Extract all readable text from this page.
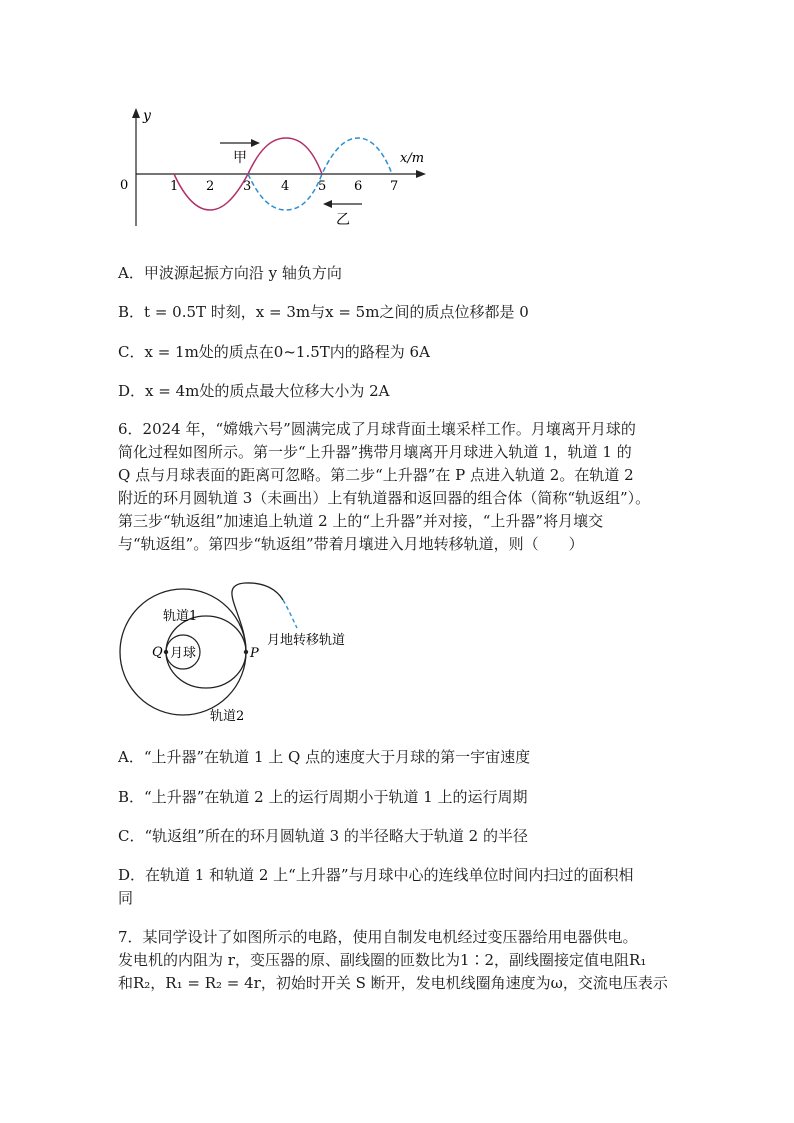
y
x/m
0	1 2 3 4 5 6 7
甲
乙
A．甲波源起振方向沿 y 轴负方向
B．t = 0.5T 时刻，x = 3m与x = 5m之间的质点位移都是 0
C．x = 1m处的质点在0~1.5T内的路程为 6A
D．x = 4m处的质点最大位移大小为 2A

6．2024 年，“嫦娥六号”圆满完成了月球背面土壤采样工作。月壤离开月球的

简化过程如图所示。第一步“上升器”携带月壤离开月球进入轨道 1，轨道 1 的

Q 点与月球表面的距离可忽略。第二步“上升器”在 P 点进入轨道 2。在轨道 2

附近的环月圆轨道 3（未画出）上有轨道器和返回器的组合体（简称“轨返组”）。

第三步“轨返组”加速追上轨道 2 上的“上升器”并对接，“上升器”将月壤交

与“轨返组”。第四步“轨返组”带着月壤进入月地转移轨道，则（　　）

月球
Q	P
轨道1
轨道2
月地转移轨道
A．“上升器”在轨道 1 上 Q 点的速度大于月球的第一宇宙速度
B．“上升器”在轨道 2 上的运行周期小于轨道 1 上的运行周期
C．“轨返组”所在的环月圆轨道 3 的半径略大于轨道 2 的半径
D．在轨道 1 和轨道 2 上“上升器”与月球中心的连线单位时间内扫过的面积相
同

7．某同学设计了如图所示的电路，使用自制发电机经过变压器给用电器供电。

发电机的内阻为 r，变压器的原、副线圈的匝数比为1∶2，副线圈接定值电阻R₁

和R₂，R₁ = R₂ = 4r，初始时开关 S 断开，发电机线圈角速度为ω，交流电压表示
